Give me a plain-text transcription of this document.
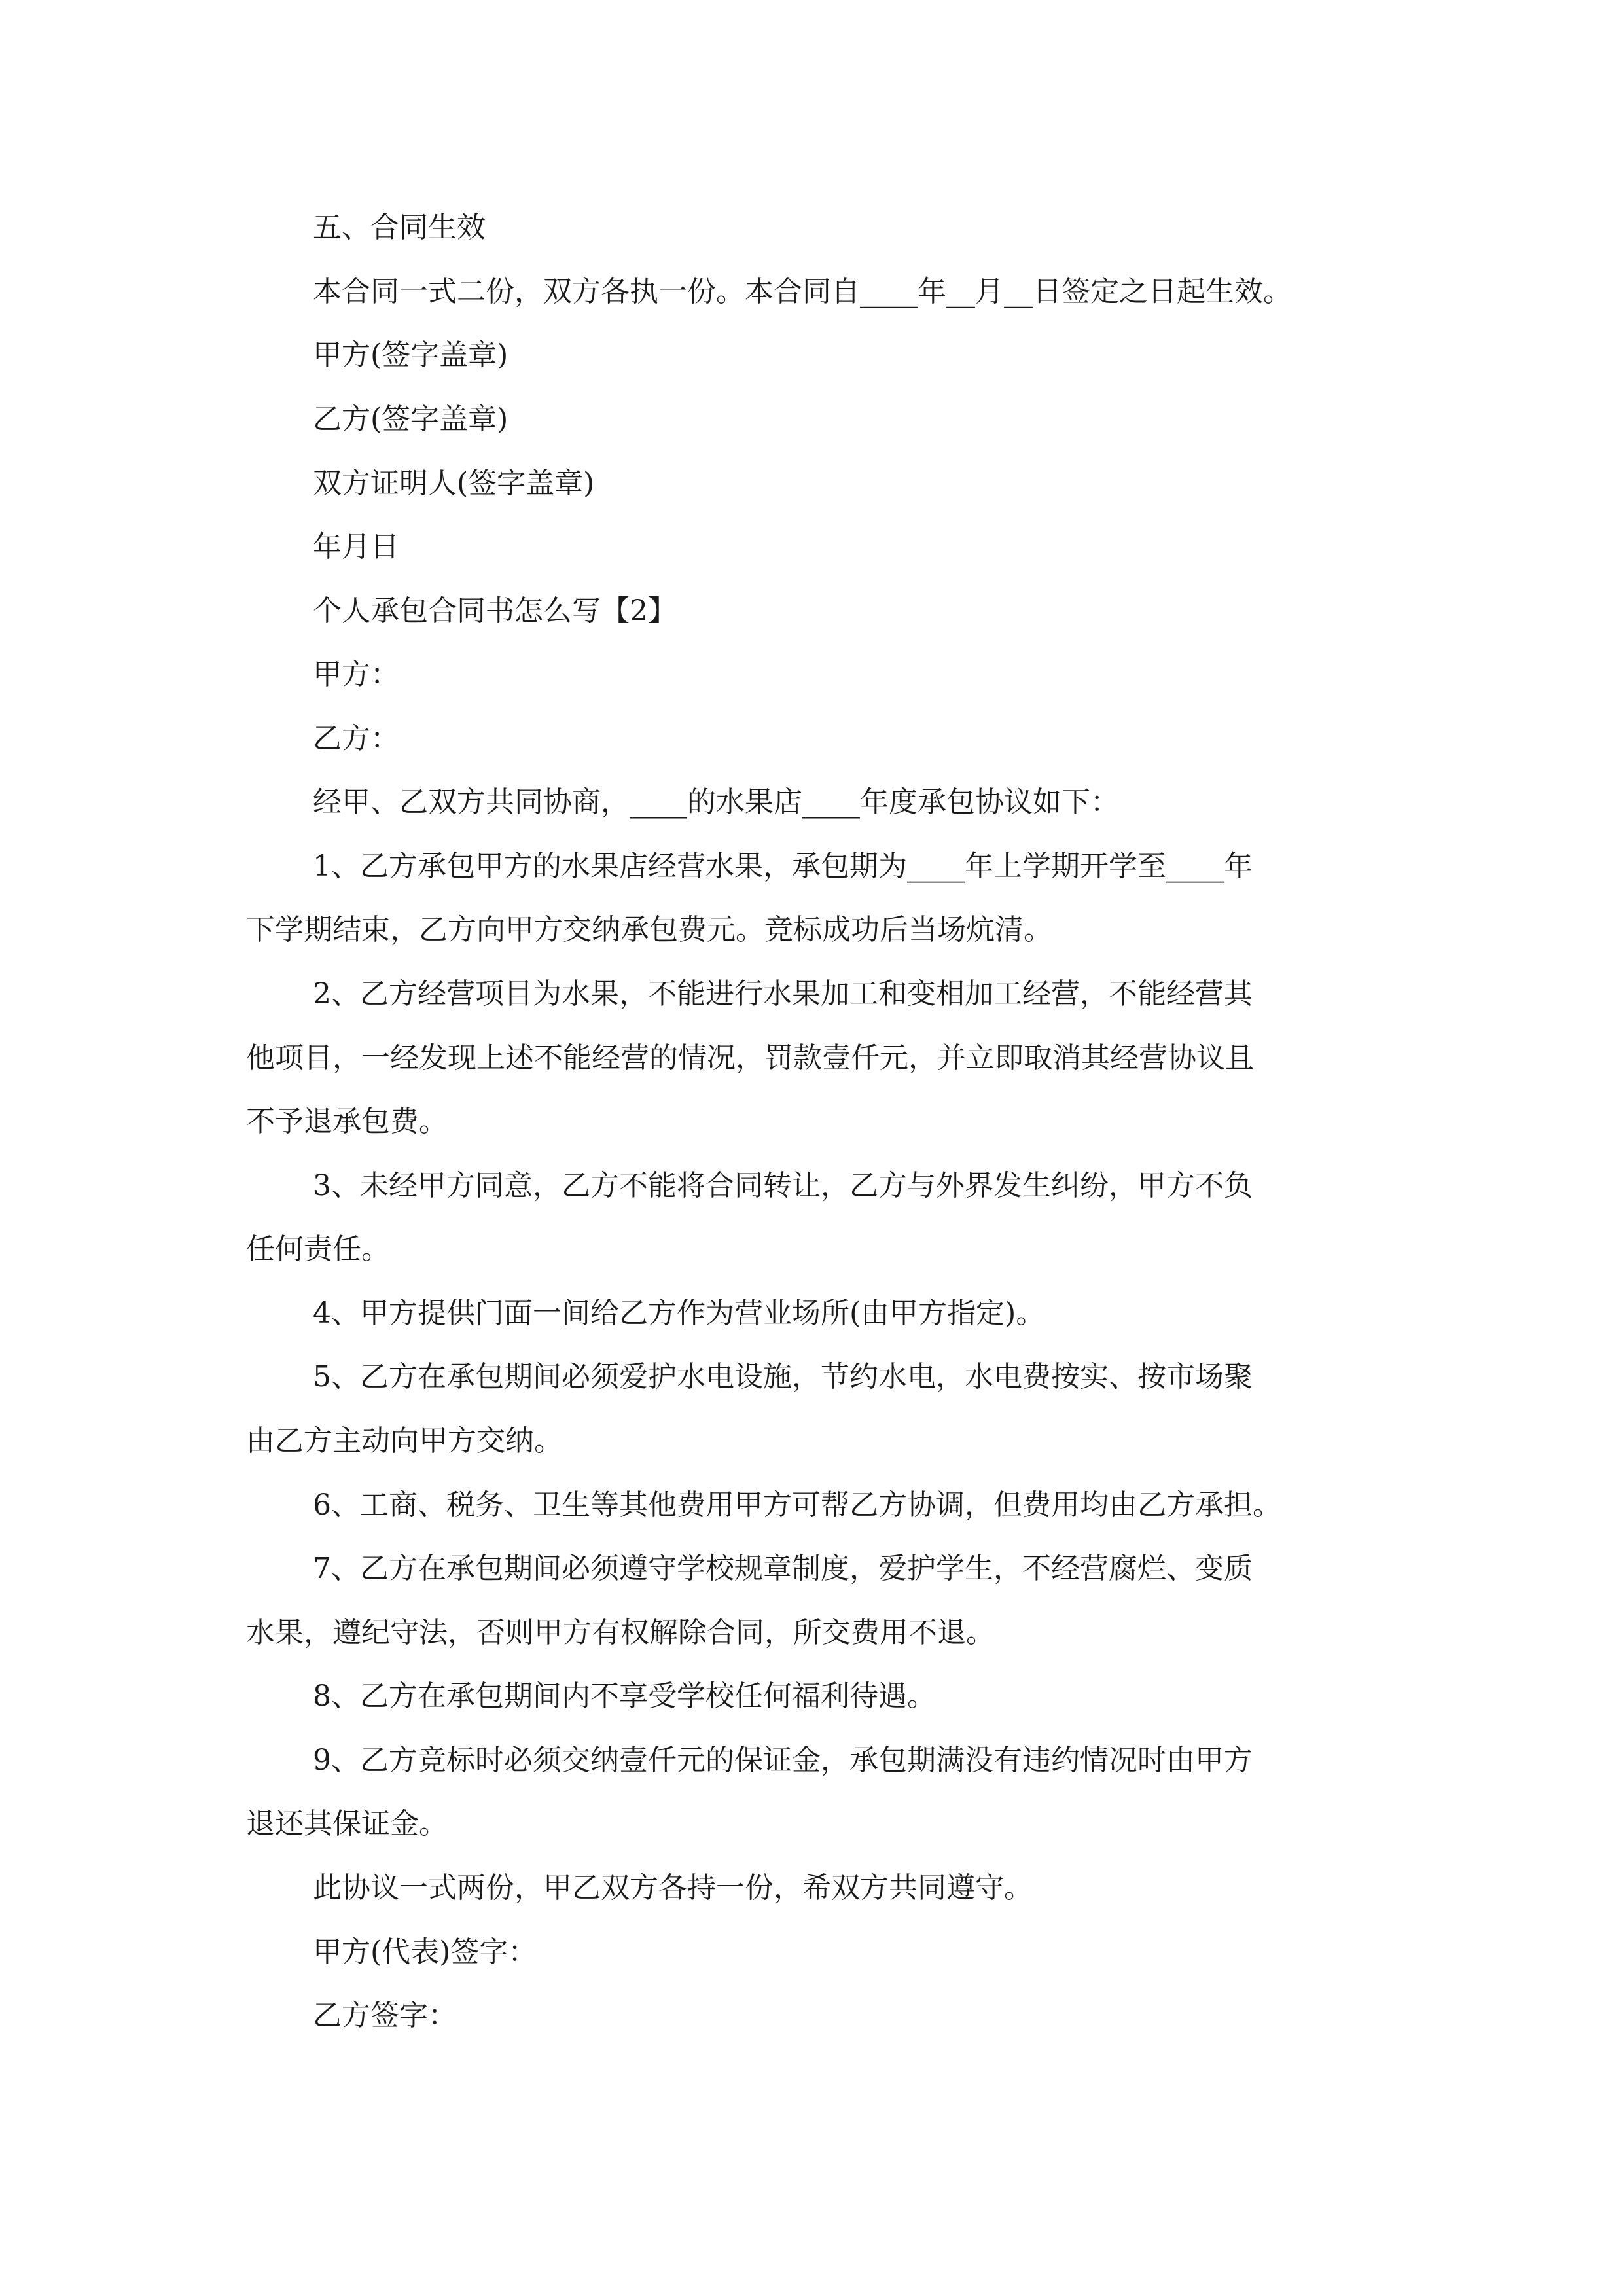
五、合同生效
本合同一式二份，双方各执一份。本合同自____年__月__日签定之日起生效。
甲方(签字盖章)
乙方(签字盖章)
双方证明人(签字盖章)
年月日
个人承包合同书怎么写【2】
甲方：
乙方：
经甲、乙双方共同协商，____的水果店____年度承包协议如下：
1、乙方承包甲方的水果店经营水果，承包期为____年上学期开学至____年
下学期结束，乙方向甲方交纳承包费元。竞标成功后当场炕清。
2、乙方经营项目为水果，不能进行水果加工和变相加工经营，不能经营其
他项目，一经发现上述不能经营的情况，罚款壹仟元，并立即取消其经营协议且
不予退承包费。
3、未经甲方同意，乙方不能将合同转让，乙方与外界发生纠纷，甲方不负
任何责任。
4、甲方提供门面一间给乙方作为营业场所(由甲方指定)。
5、乙方在承包期间必须爱护水电设施，节约水电，水电费按实、按市场聚
由乙方主动向甲方交纳。
6、工商、税务、卫生等其他费用甲方可帮乙方协调，但费用均由乙方承担。
7、乙方在承包期间必须遵守学校规章制度，爱护学生，不经营腐烂、变质
水果，遵纪守法，否则甲方有权解除合同，所交费用不退。
8、乙方在承包期间内不享受学校任何福利待遇。
9、乙方竞标时必须交纳壹仟元的保证金，承包期满没有违约情况时由甲方
退还其保证金。
此协议一式两份，甲乙双方各持一份，希双方共同遵守。
甲方(代表)签字：
乙方签字：
